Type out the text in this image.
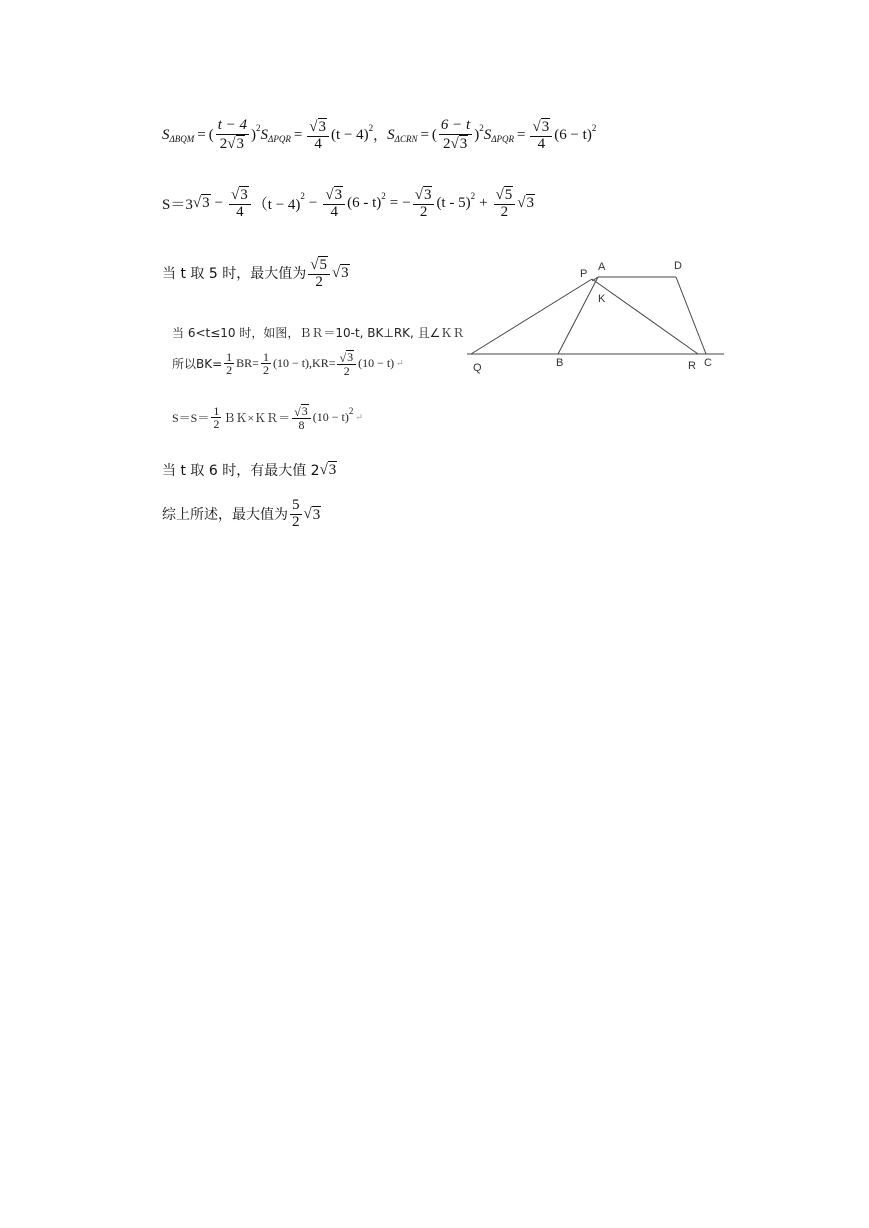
S ΔBQM = ( $\frac{t - 4}{2 √ 3}$ ) 2 S $\Delta PQR = \frac{√ 3}{4} (t - 4)$ 2 ， S ΔCRN = ( $\frac{6 - t}{2 √ 3}$ ) 2 S $\Delta PQR = \frac{√ 3}{4} (6 - t)$ 2
S＝3 √ $3 - \frac{√ 3}{4} (t - 4)$
$2 - \frac{√ 3}{4} (6 - t) 2$ = − $\frac{√ 3}{2} (t - 5) 2 + \frac{√ 5}{2}$ √ 3
当 t 取 5 时，最大值为 $\frac{√ 5}{2}$ √ 3
当 6<t≤10 时，如图，ＢＲ＝10-t, BK⊥RK, 且∠ＫＲ
所以$BK= \frac{1}{2} BR= \frac{1}{2} (10 - t),KR= \frac{√ 3}{2} (10 - t)$ ↵
$S=S= \frac{1}{2}$ ＢＫ×ＫＲ＝ $\frac{√ 3}{8} (10 - t)$ 2
↵
当 t 取 6 时，有最大值 2 √ 3
综上所述，最大值为 $\frac{5}{2}$ √ 3
P
A	D
K
Q	B	R C
